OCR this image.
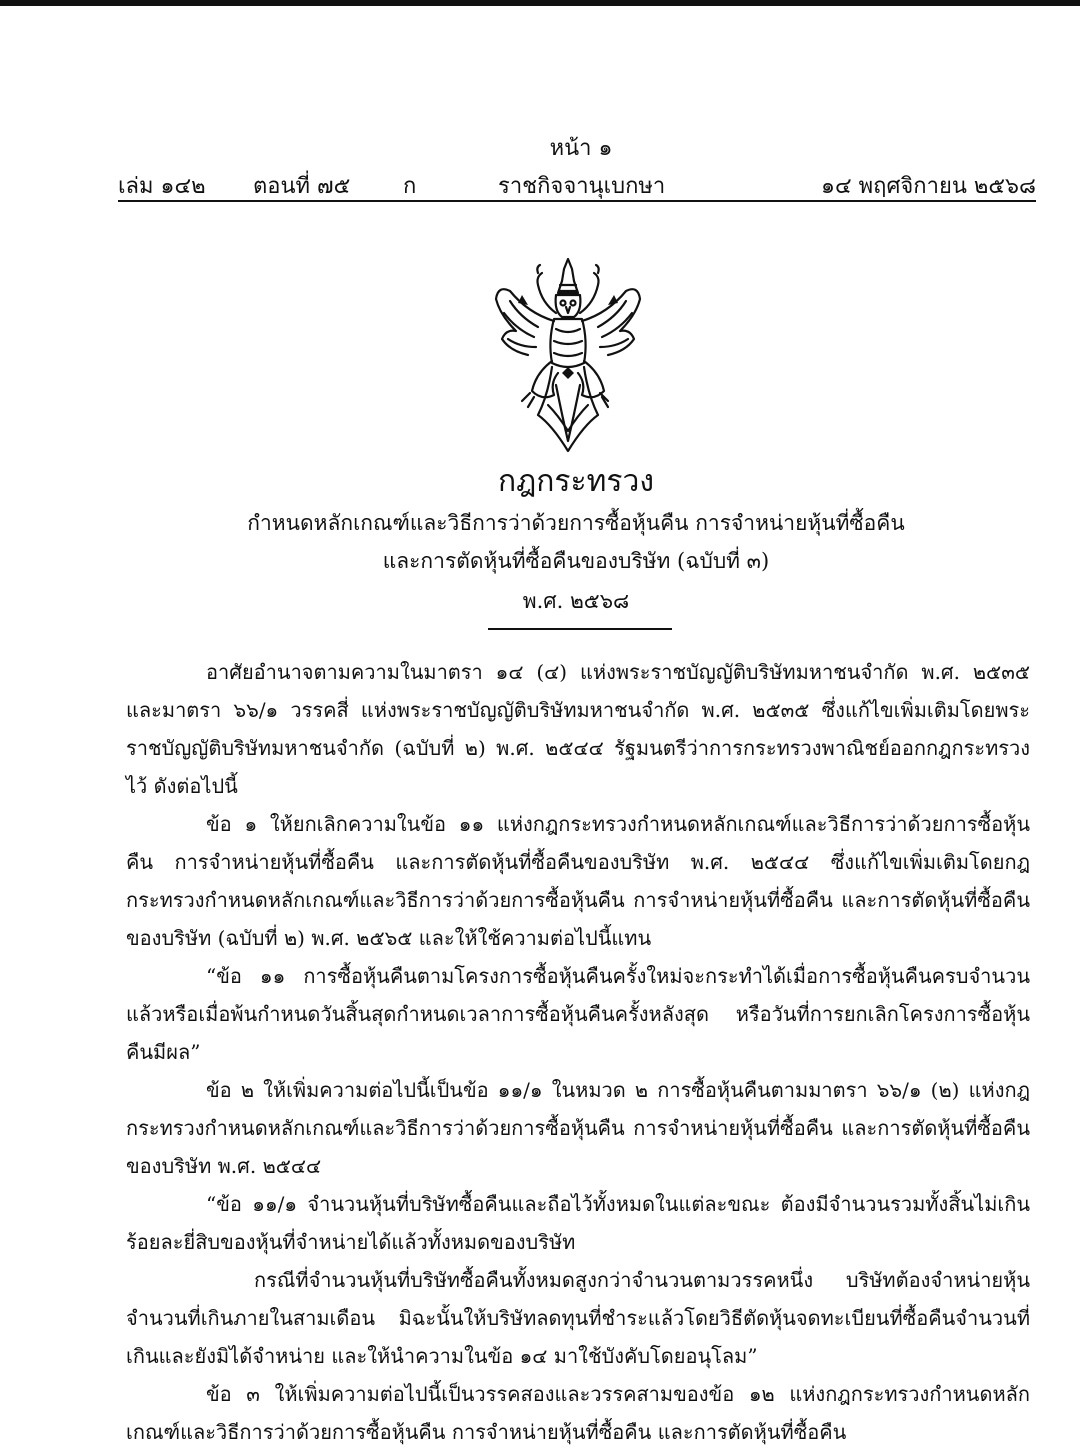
หน้า ๑
เล่ม ๑๔๒ ตอนที่ ๗๕ ก	ราชกิจจานุเบกษา	๑๔ พฤศจิกายน ๒๕๖๘
กฎกระทรวง
กำหนดหลักเกณฑ์และวิธีการว่าด้วยการซื้อหุ้นคืน การจำหน่ายหุ้นที่ซื้อคืน
และการตัดหุ้นที่ซื้อคืนของบริษัท (ฉบับที่ ๓)
พ.ศ. ๒๕๖๘

อาศัยอำนาจตามความในมาตรา ๑๔ (๔) แห่งพระราชบัญญัติบริษัทมหาชนจำกัด พ.ศ. ๒๕๓๕ และมาตรา ๖๖/๑ วรรคสี่ แห่งพระราชบัญญัติบริษัทมหาชนจำกัด พ.ศ. ๒๕๓๕ ซึ่งแก้ไขเพิ่มเติมโดยพระราชบัญญัติบริษัทมหาชนจำกัด (ฉบับที่ ๒) พ.ศ. ๒๕๔๔ รัฐมนตรีว่าการกระทรวงพาณิชย์ออกกฎกระทรวงไว้ ดังต่อไปนี้

ข้อ ๑ ให้ยกเลิกความในข้อ ๑๑ แห่งกฎกระทรวงกำหนดหลักเกณฑ์และวิธีการว่าด้วยการซื้อหุ้นคืน การจำหน่ายหุ้นที่ซื้อคืน และการตัดหุ้นที่ซื้อคืนของบริษัท พ.ศ. ๒๕๔๔ ซึ่งแก้ไขเพิ่มเติมโดยกฎกระทรวงกำหนดหลักเกณฑ์และวิธีการว่าด้วยการซื้อหุ้นคืน การจำหน่ายหุ้นที่ซื้อคืน และการตัดหุ้นที่ซื้อคืนของบริษัท (ฉบับที่ ๒) พ.ศ. ๒๕๖๕ และให้ใช้ความต่อไปนี้แทน

“ข้อ ๑๑ การซื้อหุ้นคืนตามโครงการซื้อหุ้นคืนครั้งใหม่จะกระทำได้เมื่อการซื้อหุ้นคืนครบจำนวนแล้วหรือเมื่อพ้นกำหนดวันสิ้นสุดกำหนดเวลาการซื้อหุ้นคืนครั้งหลังสุด หรือวันที่การยกเลิกโครงการซื้อหุ้นคืนมีผล”

ข้อ ๒ ให้เพิ่มความต่อไปนี้เป็นข้อ ๑๑/๑ ในหมวด ๒ การซื้อหุ้นคืนตามมาตรา ๖๖/๑ (๒) แห่งกฎกระทรวงกำหนดหลักเกณฑ์และวิธีการว่าด้วยการซื้อหุ้นคืน การจำหน่ายหุ้นที่ซื้อคืน และการตัดหุ้นที่ซื้อคืนของบริษัท พ.ศ. ๒๕๔๔

“ข้อ ๑๑/๑ จำนวนหุ้นที่บริษัทซื้อคืนและถือไว้ทั้งหมดในแต่ละขณะ ต้องมีจำนวนรวมทั้งสิ้นไม่เกินร้อยละยี่สิบของหุ้นที่จำหน่ายได้แล้วทั้งหมดของบริษัท

กรณีที่จำนวนหุ้นที่บริษัทซื้อคืนทั้งหมดสูงกว่าจำนวนตามวรรคหนึ่ง บริษัทต้องจำหน่ายหุ้นจำนวนที่เกินภายในสามเดือน มิฉะนั้นให้บริษัทลดทุนที่ชำระแล้วโดยวิธีตัดหุ้นจดทะเบียนที่ซื้อคืนจำนวนที่เกินและยังมิได้จำหน่าย และให้นำความในข้อ ๑๔ มาใช้บังคับโดยอนุโลม”

ข้อ ๓ ให้เพิ่มความต่อไปนี้เป็นวรรคสองและวรรคสามของข้อ ๑๒ แห่งกฎกระทรวงกำหนดหลักเกณฑ์และวิธีการว่าด้วยการซื้อหุ้นคืน การจำหน่ายหุ้นที่ซื้อคืน และการตัดหุ้นที่ซื้อคืน
